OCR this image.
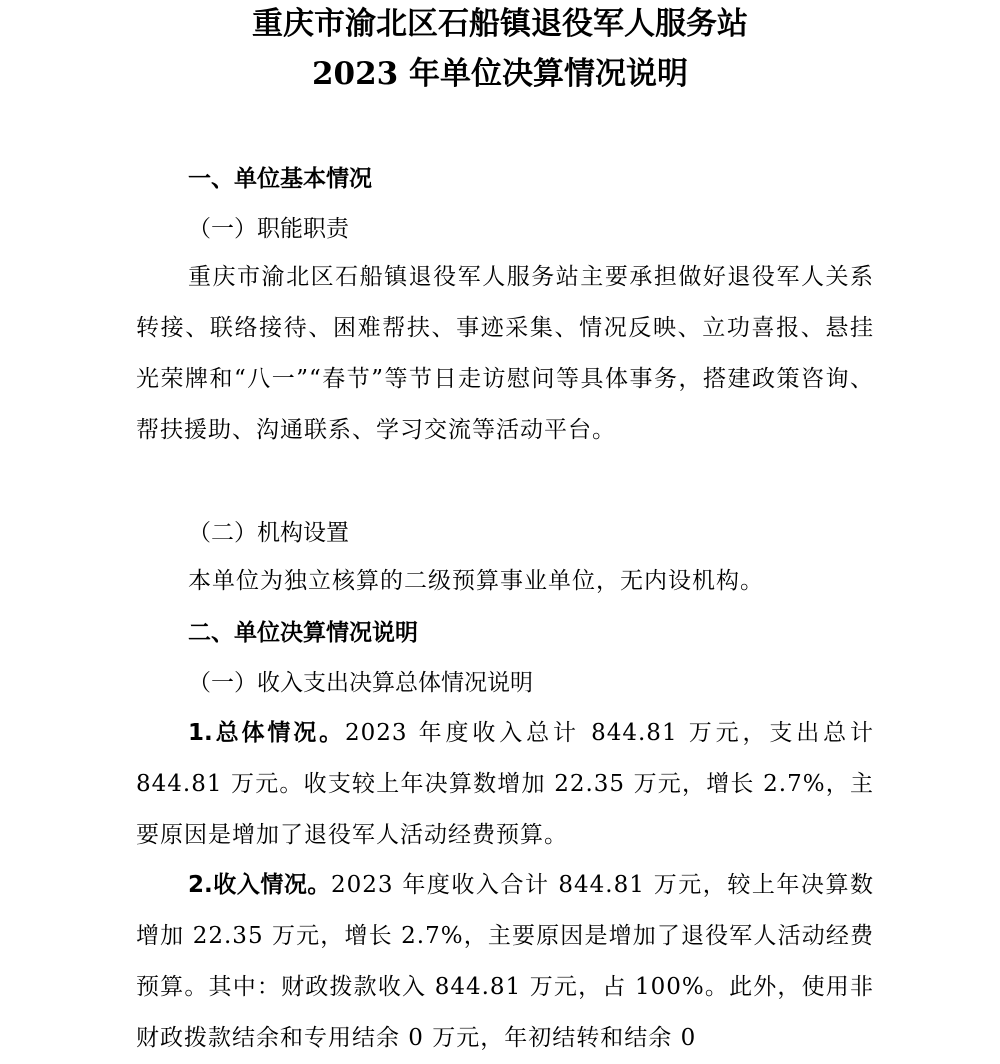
重庆市渝北区石船镇退役军人服务站
2023 年单位决算情况说明
一、单位基本情况
（一）职能职责

重庆市渝北区石船镇退役军人服务站主要承担做好退役军人关系转接、联络接待、困难帮扶、事迹采集、情况反映、立功喜报、悬挂光荣牌和“八一”“春节”等节日走访慰问等具体事务，搭建政策咨询、帮扶援助、沟通联系、学习交流等活动平台。

（二）机构设置

本单位为独立核算的二级预算事业单位，无内设机构。

二、单位决算情况说明
（一）收入支出决算总体情况说明

1.总体情况。2023 年度收入总计 844.81 万元，支出总计 844.81 万元。收支较上年决算数增加 22.35 万元，增长 2.7%，主要原因是增加了退役军人活动经费预算。

2.收入情况。2023 年度收入合计 844.81 万元，较上年决算数增加 22.35 万元，增长 2.7%，主要原因是增加了退役军人活动经费预算。其中：财政拨款收入 844.81 万元，占 100%。此外，使用非财政拨款结余和专用结余 0 万元，年初结转和结余 0
